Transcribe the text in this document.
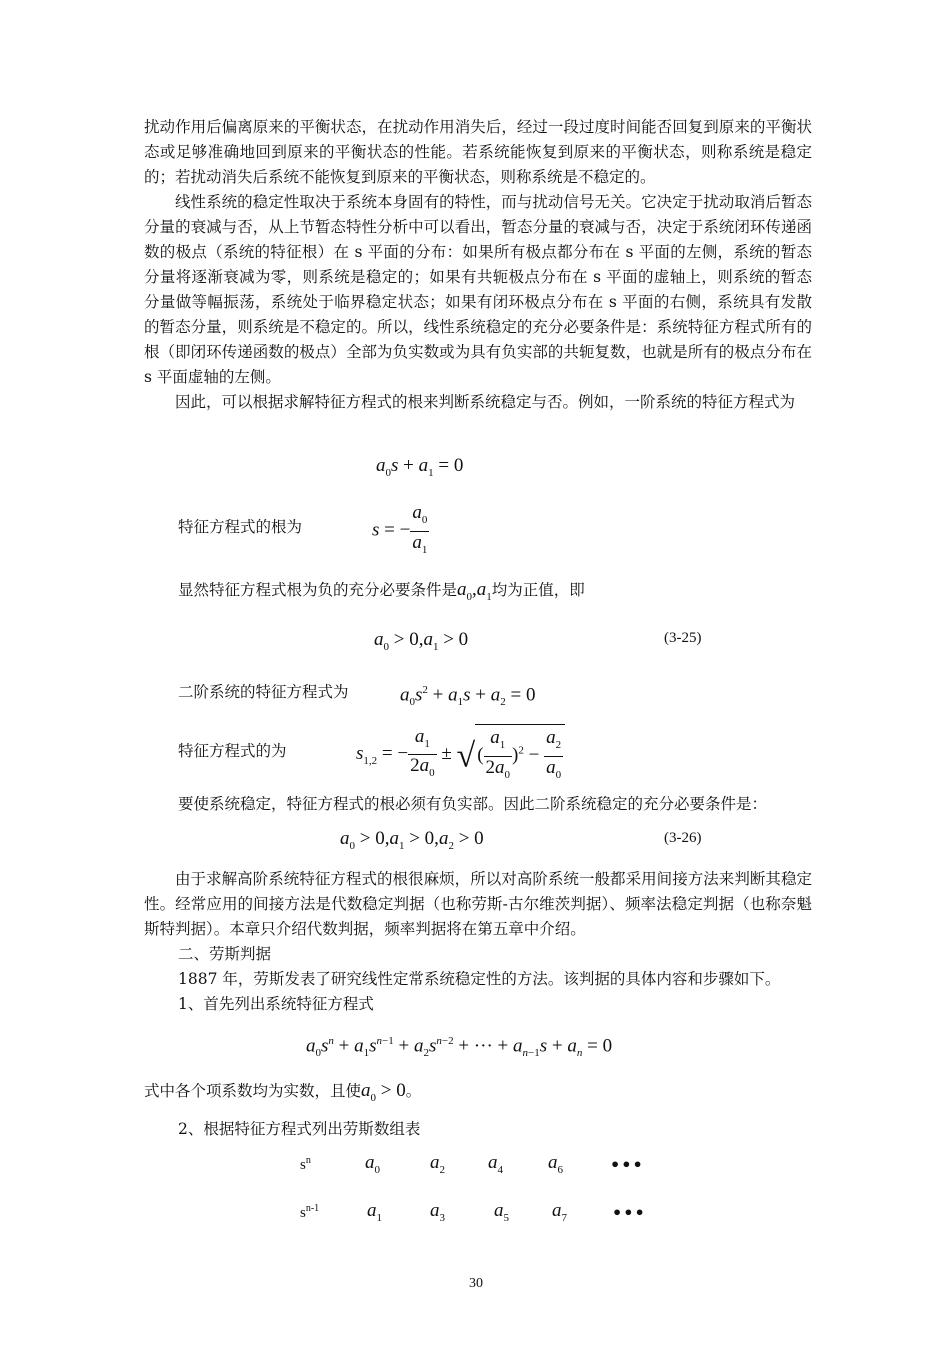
扰动作用后偏离原来的平衡状态，在扰动作用消失后，经过一段过度时间能否回复到原来的平衡状态或足够准确地回到原来的平衡状态的性能。若系统能恢复到原来的平衡状态，则称系统是稳定的；若扰动消失后系统不能恢复到原来的平衡状态，则称系统是不稳定的。

线性系统的稳定性取决于系统本身固有的特性，而与扰动信号无关。它决定于扰动取消后暂态分量的衰减与否，从上节暂态特性分析中可以看出，暂态分量的衰减与否，决定于系统闭环传递函数的极点（系统的特征根）在 s 平面的分布：如果所有极点都分布在 s 平面的左侧，系统的暂态分量将逐渐衰减为零，则系统是稳定的；如果有共轭极点分布在 s 平面的虚轴上，则系统的暂态分量做等幅振荡，系统处于临界稳定状态；如果有闭环极点分布在 s 平面的右侧，系统具有发散的暂态分量，则系统是不稳定的。所以，线性系统稳定的充分必要条件是：系统特征方程式所有的根（即闭环传递函数的极点）全部为负实数或为具有负实部的共轭复数，也就是所有的极点分布在 s 平面虚轴的左侧。

因此，可以根据求解特征方程式的根来判断系统稳定与否。例如，一阶系统的特征方程式为

$a_0s + a_1 = 0$
特征方程式的根为	s = − $\frac{a_0}{a_1}$
显然特征方程式根为负的充分必要条件是$a_0,a_1$均为正值，即
$a_0 > 0,a_1 > 0$	(3-25)
二阶系统的特征方程式为	$a_0s^2 + a_1s + a_2 = 0$
特征方程式的为	$s_{1,2}$ = − $\frac{a_1}{2a_0}$ ± √ ( $\frac{a_1}{2a_0} )^2 - \frac{a_2}{a_0}$

要使系统稳定，特征方程式的根必须有负实部。因此二阶系统稳定的充分必要条件是：

$a_0 > 0,a_1 > 0,a_2 > 0$	(3-26)

由于求解高阶系统特征方程式的根很麻烦，所以对高阶系统一般都采用间接方法来判断其稳定性。经常应用的间接方法是代数稳定判据（也称劳斯-古尔维茨判据）、频率法稳定判据（也称奈魁斯特判据）。本章只介绍代数判据，频率判据将在第五章中介绍。

二、劳斯判据
1887 年，劳斯发表了研究线性定常系统稳定性的方法。该判据的具体内容和步骤如下。
1、首先列出系统特征方程式
$a_0s^n + a_1s^{n-1} + a_2s^{n-2}$ + ··· + $a_{n-1}s + a_n = 0$
式中各个项系数均为实数，且使$a_0 > 0$。
2、根据特征方程式列出劳斯数组表
$s^n$	$a_0$	$a_2$ $a_4$ $a_6$	•••
$s^{n-1}$	$a_1$	$a_3$	$a_5$ $a_7$	•••
30
